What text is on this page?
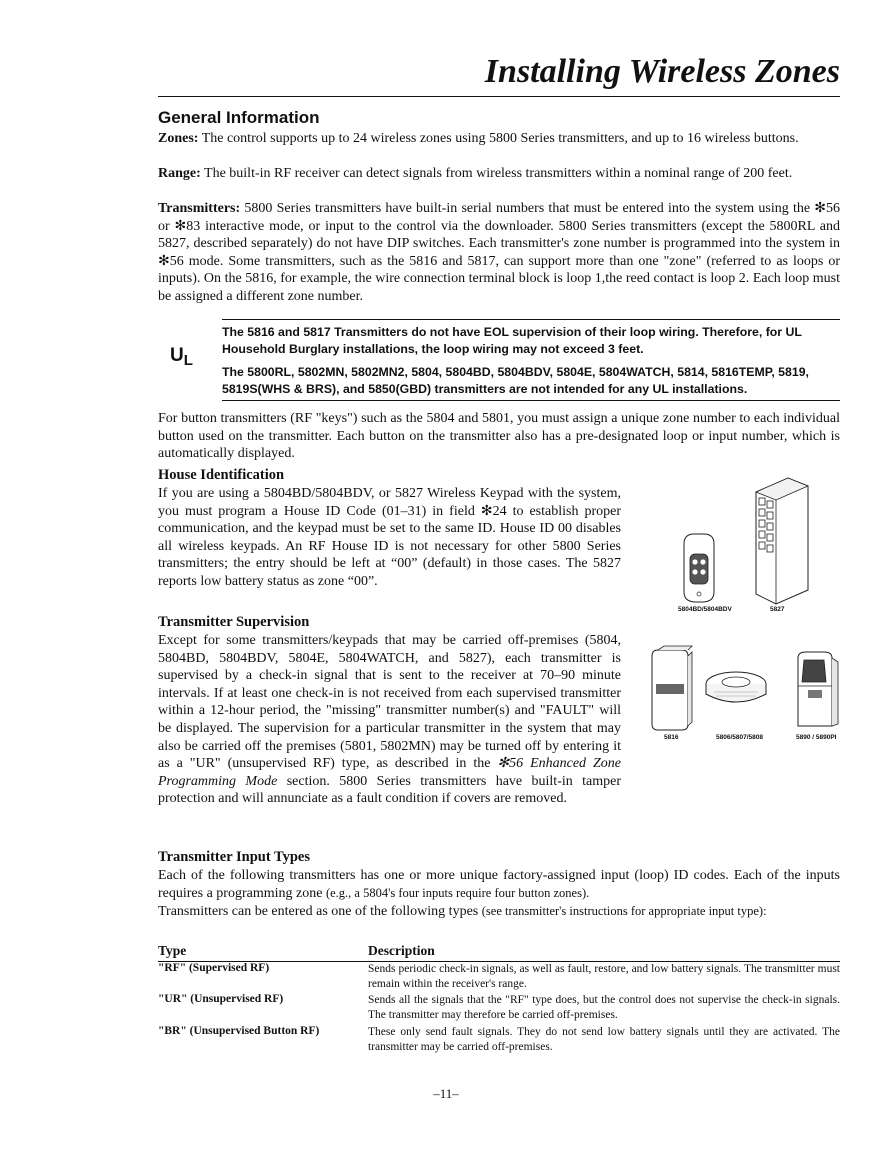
Installing Wireless Zones
General Information
Zones: The control supports up to 24 wireless zones using 5800 Series transmitters, and up to 16 wireless buttons.
Range: The built-in RF receiver can detect signals from wireless transmitters within a nominal range of 200 feet.
Transmitters: 5800 Series transmitters have built-in serial numbers that must be entered into the system using the ✻56 or ✻83 interactive mode, or input to the control via the downloader. 5800 Series transmitters (except the 5800RL and 5827, described separately) do not have DIP switches. Each transmitter's zone number is programmed into the system in ✻56 mode. Some transmitters, such as the 5816 and 5817, can support more than one "zone" (referred to as loops or inputs). On the 5816, for example, the wire connection terminal block is loop 1,the reed contact is loop 2. Each loop must be assigned a different zone number.
$U_L$
The 5816 and 5817 Transmitters do not have EOL supervision of their loop wiring. Therefore, for UL Household Burglary installations, the loop wiring may not exceed 3 feet.
The 5800RL, 5802MN, 5802MN2, 5804, 5804BD, 5804BDV, 5804E, 5804WATCH, 5814, 5816TEMP, 5819, 5819S(WHS & BRS), and 5850(GBD) transmitters are not intended for any UL installations.
For button transmitters (RF "keys") such as the 5804 and 5801, you must assign a unique zone number to each individual button used on the transmitter. Each button on the transmitter also has a pre-designated loop or input number, which is automatically displayed.
House Identification
If you are using a 5804BD/5804BDV, or 5827 Wireless Keypad with the system, you must program a House ID Code (01–31) in field ✻24 to establish proper communication, and the keypad must be set to the same ID. House ID 00 disables all wireless keypads. An RF House ID is not necessary for other 5800 Series transmitters; the entry should be left at “00” (default) in those cases. The 5827 reports low battery status as zone “00”.
Transmitter Supervision
Except for some transmitters/keypads that may be carried off-premises (5804, 5804BD, 5804BDV, 5804E, 5804WATCH, and 5827), each transmitter is supervised by a check-in signal that is sent to the receiver at 70–90 minute intervals. If at least one check-in is not received from each supervised transmitter within a 12-hour period, the "missing" transmitter number(s) and "FAULT" will be displayed. The supervision for a particular transmitter in the system that may also be carried off the premises (5801, 5802MN) may be turned off by entering it as a "UR" (unsupervised RF) type, as described in the ✻56 Enhanced Zone Programming Mode section. 5800 Series transmitters have built-in tamper protection and will annunciate as a fault condition if covers are removed.
Transmitter Input Types
Each of the following transmitters has one or more unique factory-assigned input (loop) ID codes. Each of the inputs requires a programming zone (e.g., a 5804's four inputs require four button zones).
Transmitters can be entered as one of the following types (see transmitter's instructions for appropriate input type):
Type	Description
"RF" (Supervised RF)	Sends periodic check-in signals, as well as fault, restore, and low battery signals. The transmitter must remain within the receiver's range.
"UR" (Unsupervised RF)	Sends all the signals that the "RF" type does, but the control does not supervise the check-in signals. The transmitter may therefore be carried off-premises.
"BR" (Unsupervised Button RF)	These only send fault signals. They do not send low battery signals until they are activated. The transmitter may be carried off-premises.
5804BD/5804BDV	5827
5816	5806/5807/5808	5890 / 5890PI
–11–
